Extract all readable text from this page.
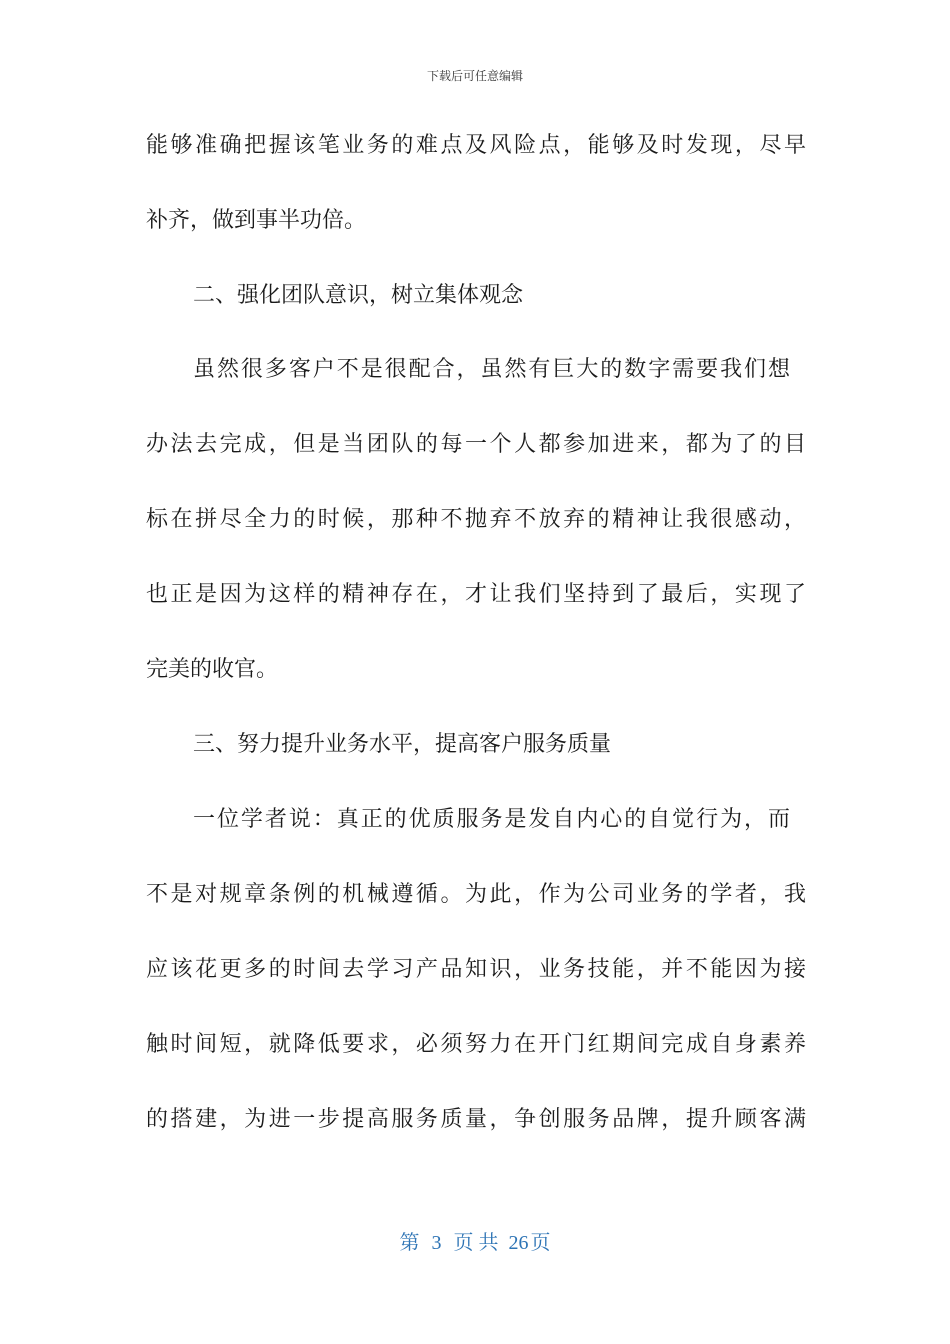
下载后可任意编辑
能够准确把握该笔业务的难点及风险点，能够及时发现，尽早
补齐，做到事半功倍。
二、强化团队意识，树立集体观念
虽然很多客户不是很配合，虽然有巨大的数字需要我们想
办法去完成，但是当团队的每一个人都参加进来，都为了的目
标在拼尽全力的时候，那种不抛弃不放弃的精神让我很感动，
也正是因为这样的精神存在，才让我们坚持到了最后，实现了
完美的收官。
三、努力提升业务水平，提高客户服务质量
一位学者说：真正的优质服务是发自内心的自觉行为，而
不是对规章条例的机械遵循。为此，作为公司业务的学者，我
应该花更多的时间去学习产品知识，业务技能，并不能因为接
触时间短，就降低要求，必须努力在开门红期间完成自身素养
的搭建，为进一步提高服务质量，争创服务品牌，提升顾客满
第 3 页 共 26 页
